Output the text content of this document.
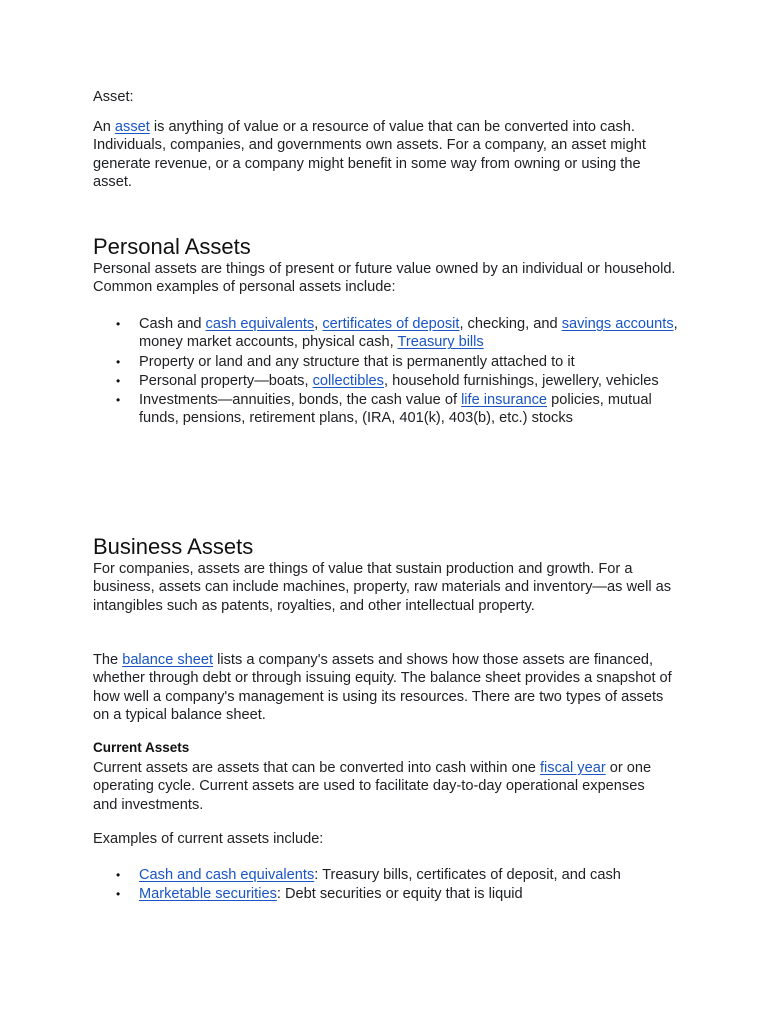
Asset:

An asset is anything of value or a resource of value that can be converted into cash. Individuals, companies, and governments own assets. For a company, an asset might generate revenue, or a company might benefit in some way from owning or using the asset.

Personal Assets

Personal assets are things of present or future value owned by an individual or household. Common examples of personal assets include:

• Cash and cash equivalents, certificates of deposit, checking, and savings accounts, money market accounts, physical cash, Treasury bills
• Property or land and any structure that is permanently attached to it
• Personal property—boats, collectibles, household furnishings, jewellery, vehicles
• Investments—annuities, bonds, the cash value of life insurance policies, mutual funds, pensions, retirement plans, (IRA, 401(k), 403(b), etc.) stocks
Business Assets

For companies, assets are things of value that sustain production and growth. For a business, assets can include machines, property, raw materials and inventory—as well as intangibles such as patents, royalties, and other intellectual property.

The balance sheet lists a company's assets and shows how those assets are financed, whether through debt or through issuing equity. The balance sheet provides a snapshot of how well a company's management is using its resources. There are two types of assets on a typical balance sheet.

Current Assets

Current assets are assets that can be converted into cash within one fiscal year or one operating cycle. Current assets are used to facilitate day-to-day operational expenses and investments.

Examples of current assets include:

• Cash and cash equivalents: Treasury bills, certificates of deposit, and cash
• Marketable securities: Debt securities or equity that is liquid
